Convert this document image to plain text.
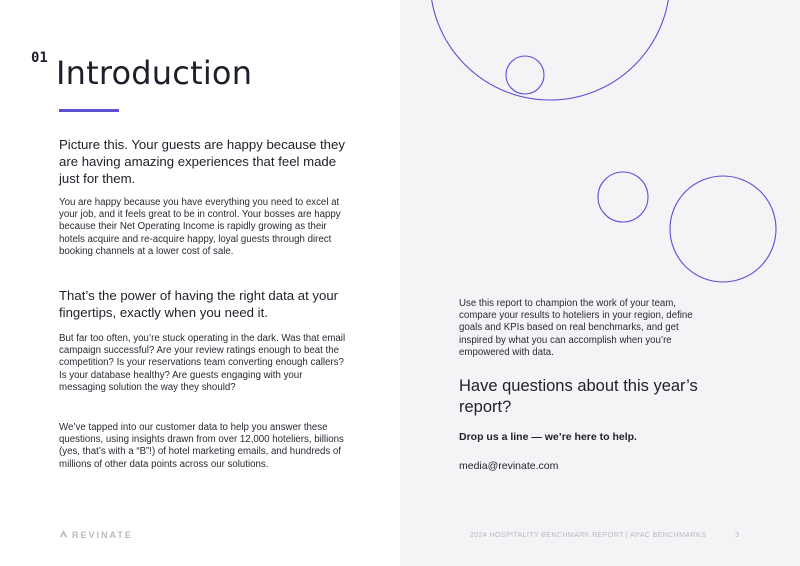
01 Introduction

Picture this. Your guests are happy because they are having amazing experiences that feel made just for them.

You are happy because you have everything you need to excel at your job, and it feels great to be in control. Your bosses are happy because their Net Operating Income is rapidly growing as their hotels acquire and re-acquire happy, loyal guests through direct booking channels at a lower cost of sale.

That’s the power of having the right data at your fingertips, exactly when you need it.

But far too often, you’re stuck operating in the dark. Was that email campaign successful? Are your review ratings enough to beat the competition? Is your reservations team converting enough callers? Is your database healthy? Are guests engaging with your messaging solution the way they should?

We’ve tapped into our customer data to help you answer these questions, using insights drawn from over 12,000 hoteliers, billions (yes, that’s with a “B”!) of hotel marketing emails, and hundreds of millions of other data points across our solutions.

REVINATE

Use this report to champion the work of your team, compare your results to hoteliers in your region, define goals and KPIs based on real benchmarks, and get inspired by what you can accomplish when you’re empowered with data.

Have questions about this year’s report?
Drop us a line — we’re here to help.
media@revinate.com
2024 HOSPITALITY BENCHMARK REPORT | APAC BENCHMARKS	3
